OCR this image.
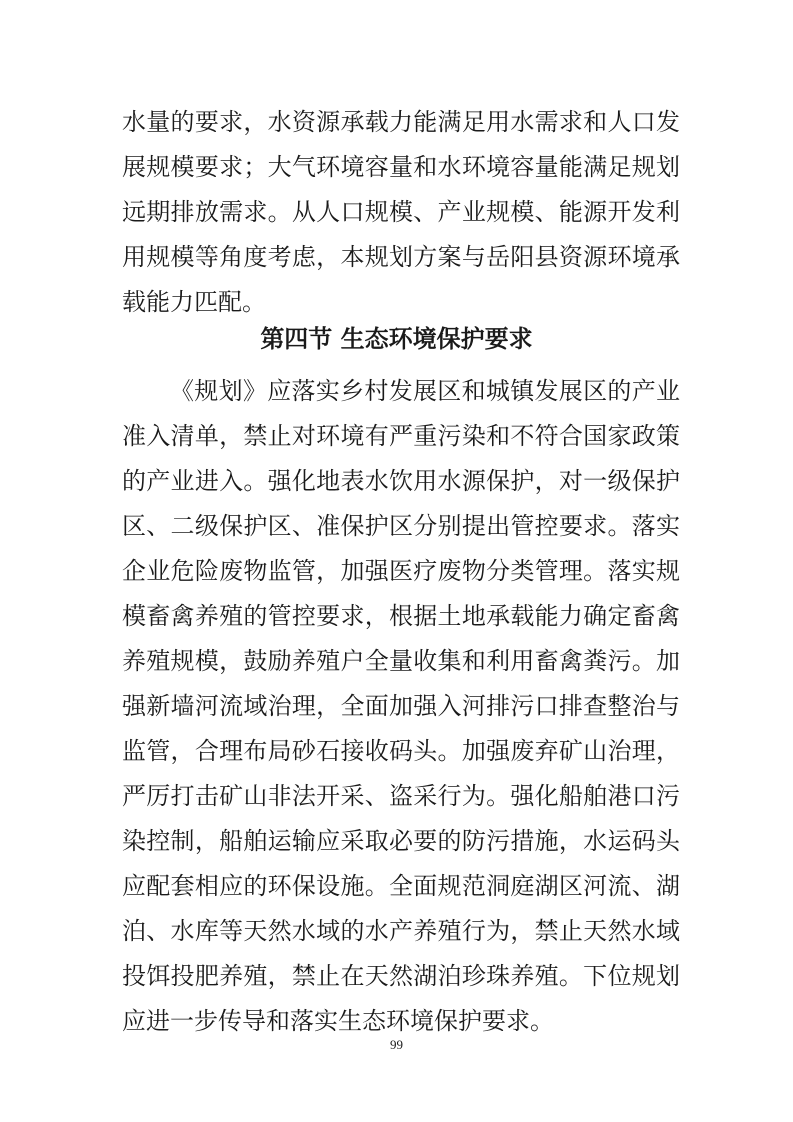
水量的要求，水资源承载力能满足用水需求和人口发
展规模要求；大气环境容量和水环境容量能满足规划
远期排放需求。从人口规模、产业规模、能源开发利
用规模等角度考虑，本规划方案与岳阳县资源环境承
载能力匹配。
第四节 生态环境保护要求
《规划》应落实乡村发展区和城镇发展区的产业
准入清单，禁止对环境有严重污染和不符合国家政策
的产业进入。强化地表水饮用水源保护，对一级保护
区、二级保护区、准保护区分别提出管控要求。落实
企业危险废物监管，加强医疗废物分类管理。落实规
模畜禽养殖的管控要求，根据土地承载能力确定畜禽
养殖规模，鼓励养殖户全量收集和利用畜禽粪污。加
强新墙河流域治理，全面加强入河排污口排查整治与
监管，合理布局砂石接收码头。加强废弃矿山治理，
严厉打击矿山非法开采、盗采行为。强化船舶港口污
染控制，船舶运输应采取必要的防污措施，水运码头
应配套相应的环保设施。全面规范洞庭湖区河流、湖
泊、水库等天然水域的水产养殖行为，禁止天然水域
投饵投肥养殖，禁止在天然湖泊珍珠养殖。下位规划
应进一步传导和落实生态环境保护要求。
99
